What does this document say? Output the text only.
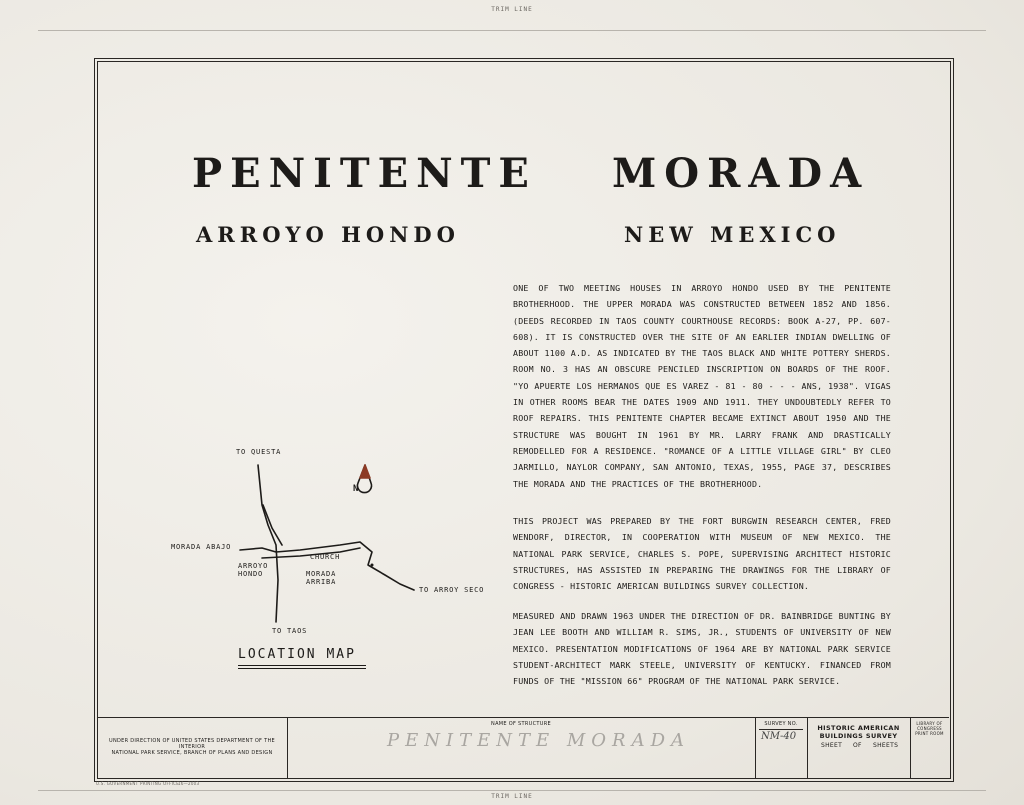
TRIM LINE
TRIM LINE
PENITENTE MORADA
ARROYO HONDO	NEW MEXICO
ONE OF TWO MEETING HOUSES IN ARROYO HONDO USED BY THE PENITENTE BROTHERHOOD. THE UPPER MORADA WAS CONSTRUCTED BETWEEN 1852 AND 1856. (DEEDS RECORDED IN TAOS COUNTY COURTHOUSE RECORDS: BOOK A-27, PP. 607-608). IT IS CONSTRUCTED OVER THE SITE OF AN EARLIER INDIAN DWELLING OF ABOUT 1100 A.D. AS INDICATED BY THE TAOS BLACK AND WHITE POTTERY SHERDS. ROOM NO. 3 HAS AN OBSCURE PENCILED INSCRIPTION ON BOARDS OF THE ROOF. "YO APUERTE LOS HERMANOS QUE ES VAREZ - 81 - 80 - - - ANS, 1938". VIGAS IN OTHER ROOMS BEAR THE DATES 1909 AND 1911. THEY UNDOUBTEDLY REFER TO ROOF REPAIRS. THIS PENITENTE CHAPTER BECAME EXTINCT ABOUT 1950 AND THE STRUCTURE WAS BOUGHT IN 1961 BY MR. LARRY FRANK AND DRASTICALLY REMODELLED FOR A RESIDENCE. "ROMANCE OF A LITTLE VILLAGE GIRL" BY CLEO JARMILLO, NAYLOR COMPANY, SAN ANTONIO, TEXAS, 1955, PAGE 37, DESCRIBES THE MORADA AND THE PRACTICES OF THE BROTHERHOOD.
THIS PROJECT WAS PREPARED BY THE FORT BURGWIN RESEARCH CENTER, FRED WENDORF, DIRECTOR, IN COOPERATION WITH MUSEUM OF NEW MEXICO. THE NATIONAL PARK SERVICE, CHARLES S. POPE, SUPERVISING ARCHITECT HISTORIC STRUCTURES, HAS ASSISTED IN PREPARING THE DRAWINGS FOR THE LIBRARY OF CONGRESS - HISTORIC AMERICAN BUILDINGS SURVEY COLLECTION.
MEASURED AND DRAWN 1963 UNDER THE DIRECTION OF DR. BAINBRIDGE BUNTING BY JEAN LEE BOOTH AND WILLIAM R. SIMS, JR., STUDENTS OF UNIVERSITY OF NEW MEXICO. PRESENTATION MODIFICATIONS OF 1964 ARE BY NATIONAL PARK SERVICE STUDENT-ARCHITECT MARK STEELE, UNIVERSITY OF KENTUCKY. FINANCED FROM FUNDS OF THE "MISSION 66" PROGRAM OF THE NATIONAL PARK SERVICE.
TO QUESTA
N
MORADA ABAJO
ARROYO
HONDO
CHURCH
MORADA
ARRIBA
TO ARROY SECO
TO TAOS
LOCATION MAP
UNDER DIRECTION OF UNITED STATES DEPARTMENT OF THE INTERIOR
NATIONAL PARK SERVICE, BRANCH OF PLANS AND DESIGN
NAME OF STRUCTURE
PENITENTE MORADA
SURVEY NO.
NM-40
HISTORIC AMERICAN
BUILDINGS SURVEY
SHEET OF SHEETS
LIBRARY OF CONGRESS
PRINT ROOM
U.S. GOVERNMENT PRINTING OFFICE
16—2003
